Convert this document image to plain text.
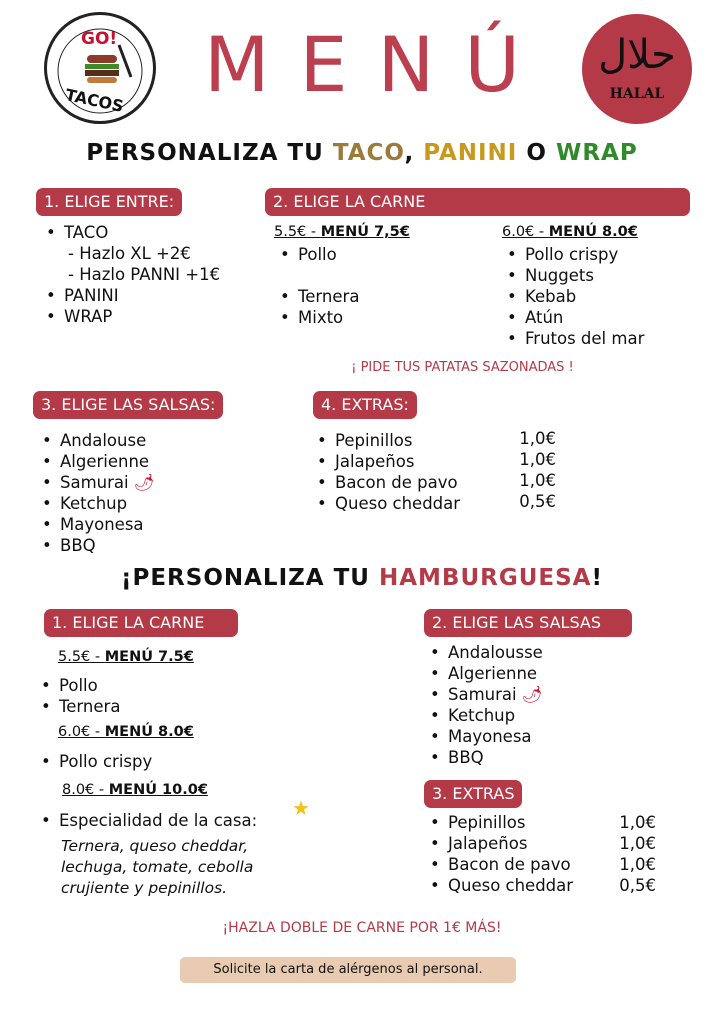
GO!
TACOS	MENÚ	حلال
HALAL
PERSONALIZA TU TACO, PANINI O WRAP
1. ELIGE ENTRE:
• TACO
- Hazlo XL +2€
- Hazlo PANNI +1€
• PANINI
• WRAP
2. ELIGE LA CARNE
5.5€ - MENÚ 7,5€
• Pollo
• Ternera
• Mixto
6.0€ - MENÚ 8.0€
• Pollo crispy
• Nuggets
• Kebab
• Atún
• Frutos del mar
¡ PIDE TUS PATATAS SAZONADAS !
3. ELIGE LAS SALSAS:
• Andalouse
• Algerienne
• Samurai 🌶
• Ketchup
• Mayonesa
• BBQ
4. EXTRAS:
• Pepinillos
• Jalapeños
• Bacon de pavo
• Queso cheddar
1,0€
1,0€
1,0€
0,5€
¡PERSONALIZA TU HAMBURGUESA!
1. ELIGE LA CARNE
5.5€ - MENÚ 7.5€
• Pollo
• Ternera
6.0€ - MENÚ 8.0€
• Pollo crispy
8.0€ - MENÚ 10.0€
• Especialidad de la casa:
★
Ternera, queso cheddar, lechuga, tomate, cebolla crujiente y pepinillos.
2. ELIGE LAS SALSAS
• Andalousse
• Algerienne
• Samurai 🌶
• Ketchup
• Mayonesa
• BBQ
3. EXTRAS
• Pepinillos
• Jalapeños
• Bacon de pavo
• Queso cheddar
1,0€
1,0€
1,0€
0,5€
¡HAZLA DOBLE DE CARNE POR 1€ MÁS!
Solicite la carta de alérgenos al personal.
